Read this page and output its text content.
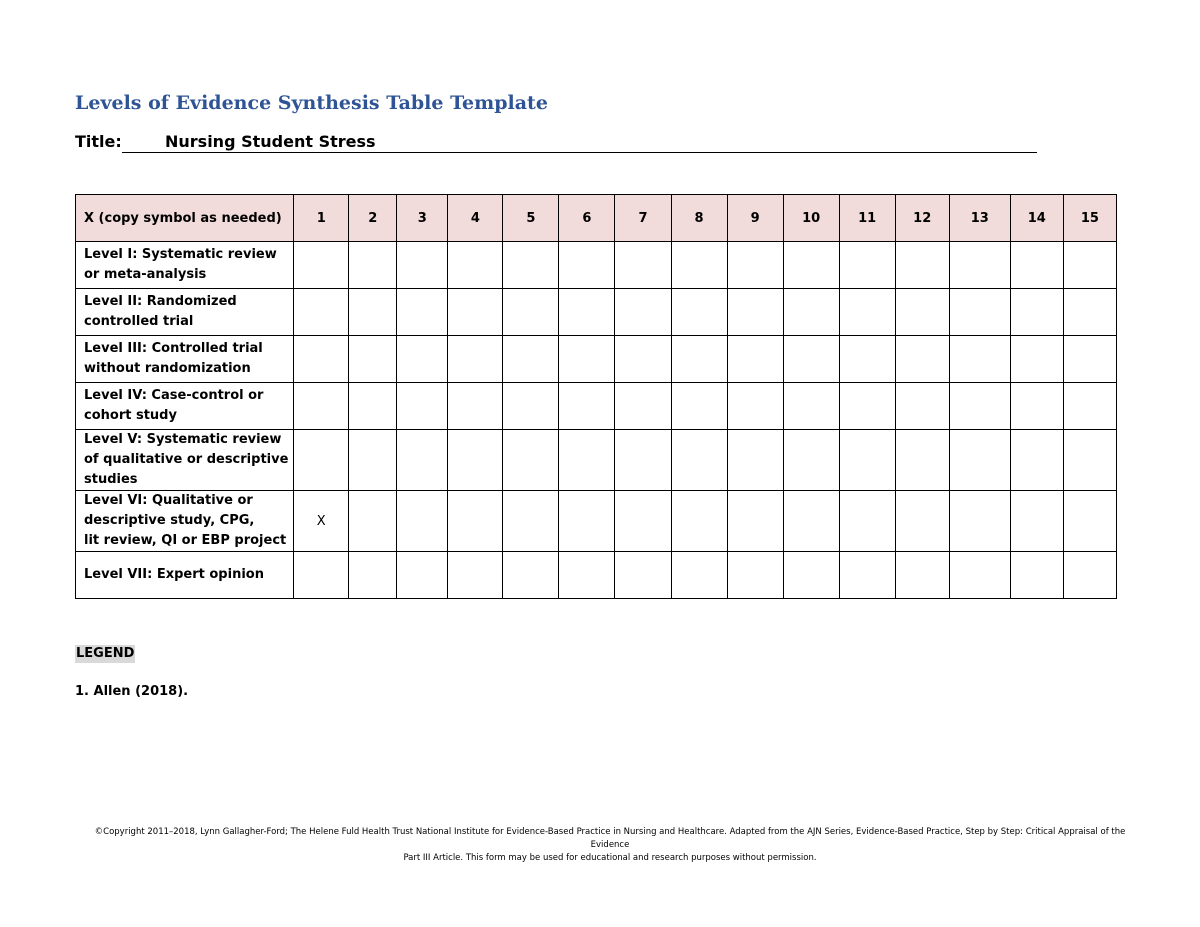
Levels of Evidence Synthesis Table Template
Title:	Nursing Student Stress
X (copy symbol as needed)	1	2	3	4	5	6	7	8	9	10	11	12	13	14	15

Level I: Systematic review
or meta-analysis															

Level II: Randomized
controlled trial															

Level III: Controlled trial
without randomization															

Level IV: Case-control or
cohort study															

Level V: Systematic review
of qualitative or descriptive
studies															

Level VI: Qualitative or
descriptive study, CPG,
lit review, QI or EBP project	X														

Level VII: Expert opinion															

LEGEND
1. Allen (2018).
©Copyright 2011–2018, Lynn Gallagher-Ford; The Helene Fuld Health Trust National Institute for Evidence-Based Practice in Nursing and Healthcare. Adapted from the AJN Series, Evidence-Based Practice, Step by Step: Critical Appraisal of the Evidence
Part III Article. This form may be used for educational and research purposes without permission.
